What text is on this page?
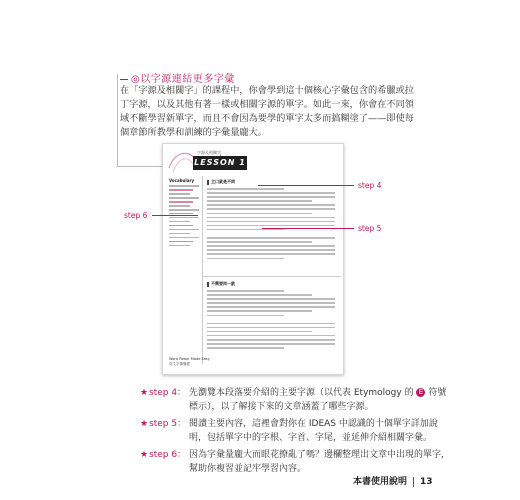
◎以字源連結更多字彙
在「字源及相關字」的課程中，你會學到這十個核心字彙包含的希臘或拉丁字源，以及其他有著一樣或相關字源的單字。如此一來，你會在不同領域不斷學習新單字，而且不會因為要學的單字太多而搞糊塗了——即使每個章節所教學和訓練的字彙量龐大。
字源及相關字
LESSON 1
Vocabulary	主口就是不同
不需要同一款
Word Power Made Easy
英文字彙聖經
step 4
step 5
step 6
★ step 4： 先瀏覽本段落要介紹的主要字源（以代表 Etymology 的 E 符號標示），以了解接下來的文章涵蓋了哪些字源。
★ step 5： 閱讀主要內容，這裡會對你在 IDEAS 中認識的十個單字詳加說明，包括單字中的字根、字首、字尾，並延伸介紹相關字彙。
★ step 6： 因為字彙量龐大而眼花撩亂了嗎？邊欄整理出文章中出現的單字，幫助你複習並記牢學習內容。
本書使用說明 13
